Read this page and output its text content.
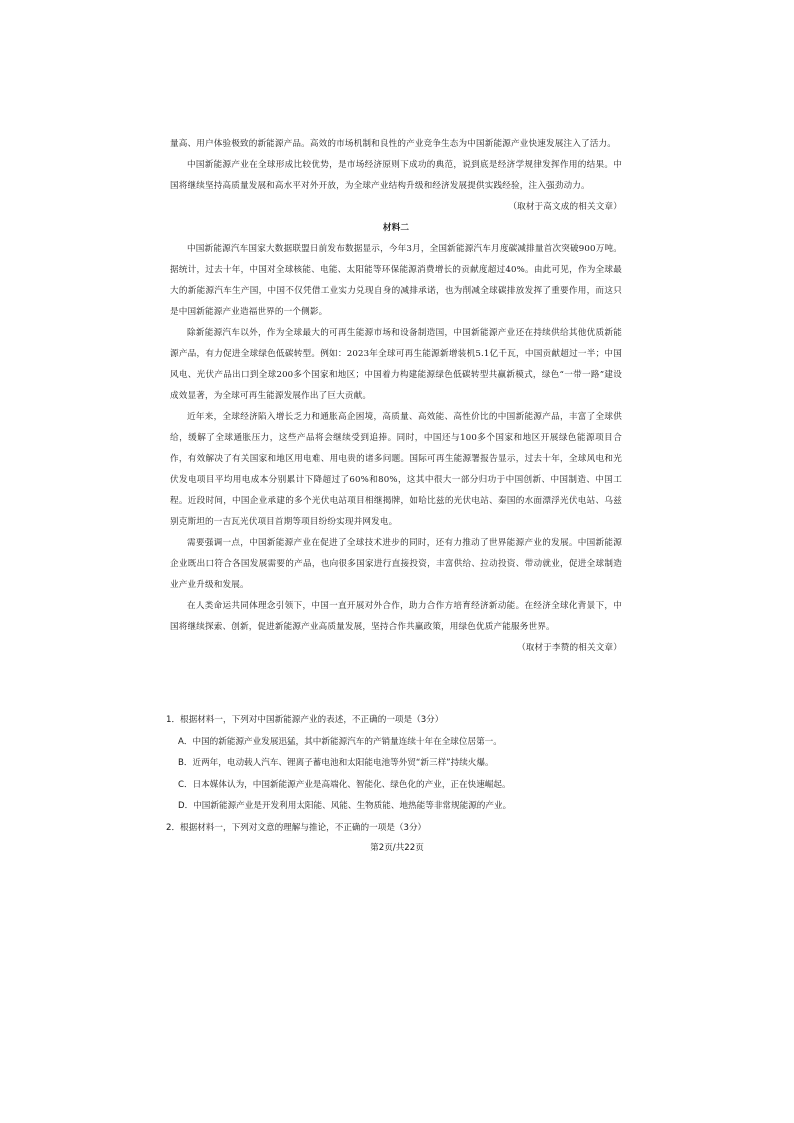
量高、用户体验极致的新能源产品。高效的市场机制和良性的产业竞争生态为中国新能源产业快速发展注入了活力。

中国新能源产业在全球形成比较优势，是市场经济原则下成功的典范，说到底是经济学规律发挥作用的结果。中国将继续坚持高质量发展和高水平对外开放，为全球产业结构升级和经济发展提供实践经验，注入强劲动力。

（取材于高文成的相关文章）

材料二

中国新能源汽车国家大数据联盟日前发布数据显示，今年3月，全国新能源汽车月度碳减排量首次突破900万吨。据统计，过去十年，中国对全球核能、电能、太阳能等环保能源消费增长的贡献度超过40%。由此可见，作为全球最大的新能源汽车生产国，中国不仅凭借工业实力兑现自身的减排承诺，也为削减全球碳排放发挥了重要作用，而这只是中国新能源产业造福世界的一个侧影。

除新能源汽车以外，作为全球最大的可再生能源市场和设备制造国，中国新能源产业还在持续供给其他优质新能源产品，有力促进全球绿色低碳转型。例如：2023年全球可再生能源新增装机5.1亿千瓦，中国贡献超过一半；中国风电、光伏产品出口到全球200多个国家和地区；中国着力构建能源绿色低碳转型共赢新模式，绿色“一带一路”建设成效显著，为全球可再生能源发展作出了巨大贡献。

近年来，全球经济陷入增长乏力和通胀高企困境，高质量、高效能、高性价比的中国新能源产品，丰富了全球供给，缓解了全球通胀压力，这些产品将会继续受到追捧。同时，中国还与100多个国家和地区开展绿色能源项目合作，有效解决了有关国家和地区用电难、用电贵的诸多问题。国际可再生能源署报告显示，过去十年，全球风电和光伏发电项目平均用电成本分别累计下降超过了60%和80%，这其中很大一部分归功于中国创新、中国制造、中国工程。近段时间，中国企业承建的多个光伏电站项目相继揭牌，如哈比兹的光伏电站、秦国的水面漂浮光伏电站、乌兹别克斯坦的一吉瓦光伏项目首期等项目纷纷实现并网发电。

需要强调一点，中国新能源产业在促进了全球技术进步的同时，还有力推动了世界能源产业的发展。中国新能源企业既出口符合各国发展需要的产品，也向很多国家进行直接投资，丰富供给、拉动投资、带动就业，促进全球制造业产业升级和发展。

在人类命运共同体理念引领下，中国一直开展对外合作，助力合作方培育经济新动能。在经济全球化背景下，中国将继续探索、创新，促进新能源产业高质量发展，坚持合作共赢政策，用绿色优质产能服务世界。

（取材于李赞的相关文章）

1．根据材料一，下列对中国新能源产业的表述，不正确的一项是（3分）

A．中国的新能源产业发展迅猛，其中新能源汽车的产销量连续十年在全球位居第一。

B．近两年，电动载人汽车、锂离子蓄电池和太阳能电池等外贸“新三样”持续火爆。

C．日本媒体认为，中国新能源产业是高端化、智能化、绿色化的产业，正在快速崛起。

D．中国新能源产业是开发利用太阳能、风能、生物质能、地热能等非常规能源的产业。

2．根据材料一，下列对文意的理解与推论，不正确的一项是（3分）

第2页/共22页
